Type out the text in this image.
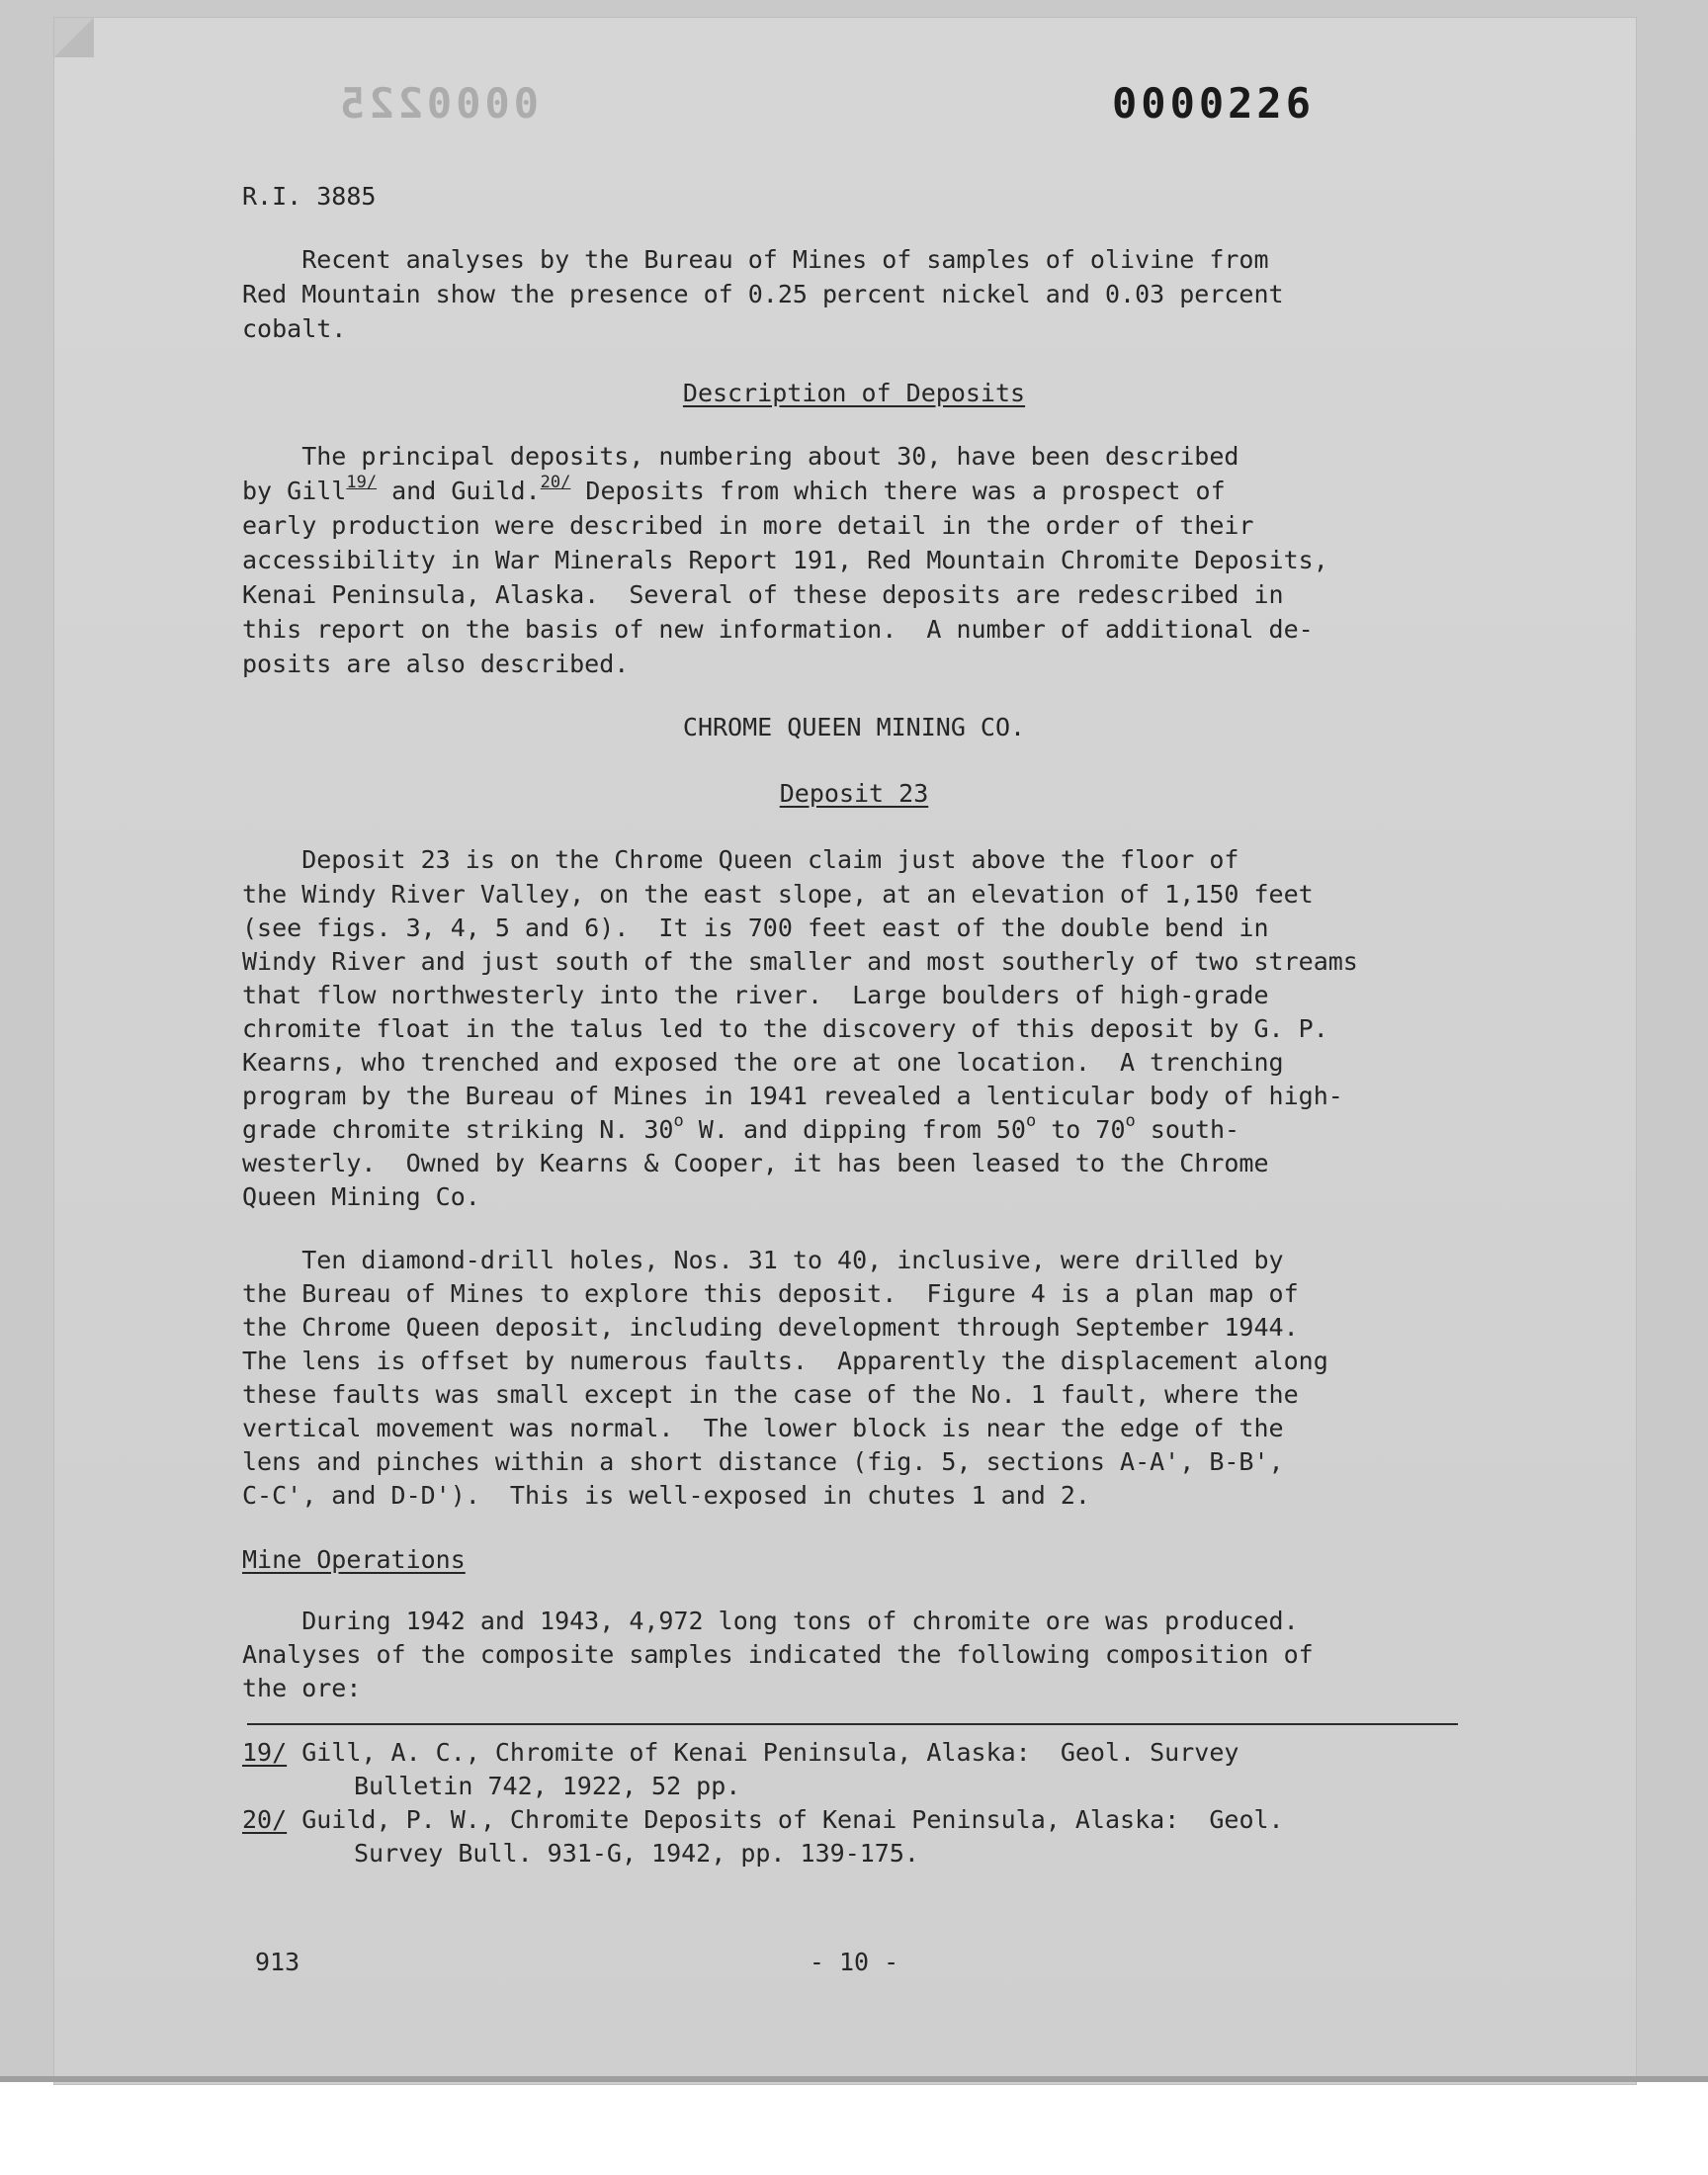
0000225	0000226
R.I. 3885
Recent analyses by the Bureau of Mines of samples of olivine from
Red Mountain show the presence of 0.25 percent nickel and 0.03 percent
cobalt.
Description of Deposits
The principal deposits, numbering about 30, have been described
by Gill$^{19/}$ and Guild.$^{20/}$ Deposits from which there was a prospect of
early production were described in more detail in the order of their
accessibility in War Minerals Report 191, Red Mountain Chromite Deposits,
Kenai Peninsula, Alaska.  Several of these deposits are redescribed in
this report on the basis of new information.  A number of additional de-
posits are also described.
CHROME QUEEN MINING CO.
Deposit 23
Deposit 23 is on the Chrome Queen claim just above the floor of
the Windy River Valley, on the east slope, at an elevation of 1,150 feet
(see figs. 3, 4, 5 and 6).  It is 700 feet east of the double bend in
Windy River and just south of the smaller and most southerly of two streams
that flow northwesterly into the river.  Large boulders of high-grade
chromite float in the talus led to the discovery of this deposit by G. P.
Kearns, who trenched and exposed the ore at one location.  A trenching
program by the Bureau of Mines in 1941 revealed a lenticular body of high-
grade chromite striking N. 30$^o$ W. and dipping from 50$^o$ to 70$^o$ south-
westerly.  Owned by Kearns & Cooper, it has been leased to the Chrome
Queen Mining Co.
Ten diamond-drill holes, Nos. 31 to 40, inclusive, were drilled by
the Bureau of Mines to explore this deposit.  Figure 4 is a plan map of
the Chrome Queen deposit, including development through September 1944.
The lens is offset by numerous faults.  Apparently the displacement along
these faults was small except in the case of the No. 1 fault, where the
vertical movement was normal.  The lower block is near the edge of the
lens and pinches within a short distance (fig. 5, sections A-A', B-B',
C-C', and D-D').  This is well-exposed in chutes 1 and 2.
Mine Operations
During 1942 and 1943, 4,972 long tons of chromite ore was produced.
Analyses of the composite samples indicated the following composition of
the ore:
19/ Gill, A. C., Chromite of Kenai Peninsula, Alaska:  Geol. Survey
Bulletin 742, 1922, 52 pp.
20/ Guild, P. W., Chromite Deposits of Kenai Peninsula, Alaska:  Geol.
Survey Bull. 931-G, 1942, pp. 139-175.
913	- 10 -
